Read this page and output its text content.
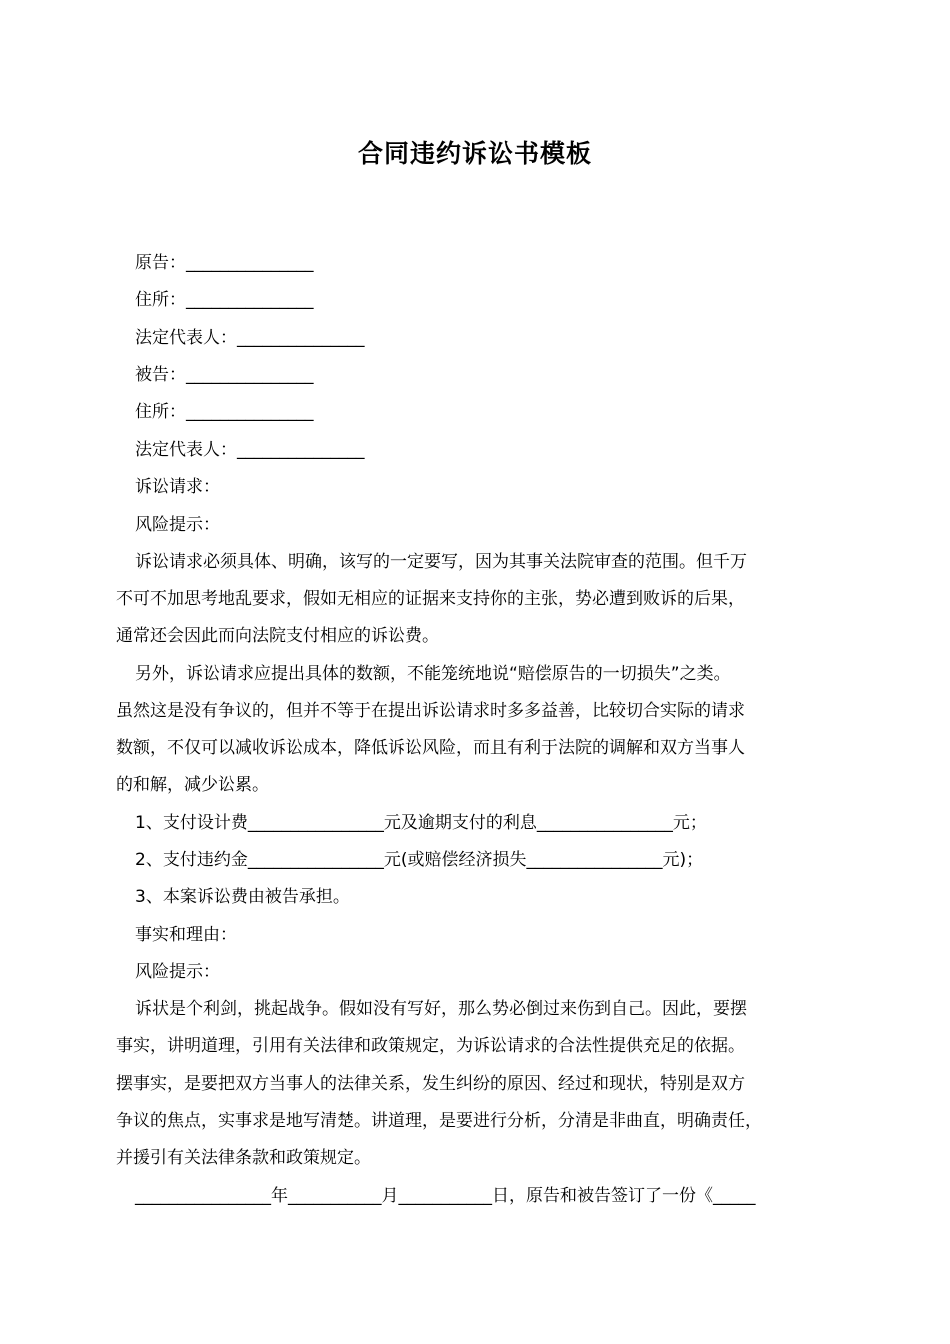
合同违约诉讼书模板
原告：_______________
住所：_______________
法定代表人：_______________
被告：_______________
住所：_______________
法定代表人：_______________
诉讼请求：
风险提示：
诉讼请求必须具体、明确，该写的一定要写，因为其事关法院审查的范围。但千万
不可不加思考地乱要求，假如无相应的证据来支持你的主张，势必遭到败诉的后果，
通常还会因此而向法院支付相应的诉讼费。
另外，诉讼请求应提出具体的数额，不能笼统地说“赔偿原告的一切损失”之类。
虽然这是没有争议的，但并不等于在提出诉讼请求时多多益善，比较切合实际的请求
数额，不仅可以减收诉讼成本，降低诉讼风险，而且有利于法院的调解和双方当事人
的和解，减少讼累。
1、支付设计费________________元及逾期支付的利息________________元；
2、支付违约金________________元(或赔偿经济损失________________元)；
3、本案诉讼费由被告承担。
事实和理由：
风险提示：
诉状是个利剑，挑起战争。假如没有写好，那么势必倒过来伤到自己。因此，要摆
事实，讲明道理，引用有关法律和政策规定，为诉讼请求的合法性提供充足的依据。
摆事实，是要把双方当事人的法律关系，发生纠纷的原因、经过和现状，特别是双方
争议的焦点，实事求是地写清楚。讲道理，是要进行分析，分清是非曲直，明确责任，
并援引有关法律条款和政策规定。
________________年___________月___________日，原告和被告签订了一份《_____
